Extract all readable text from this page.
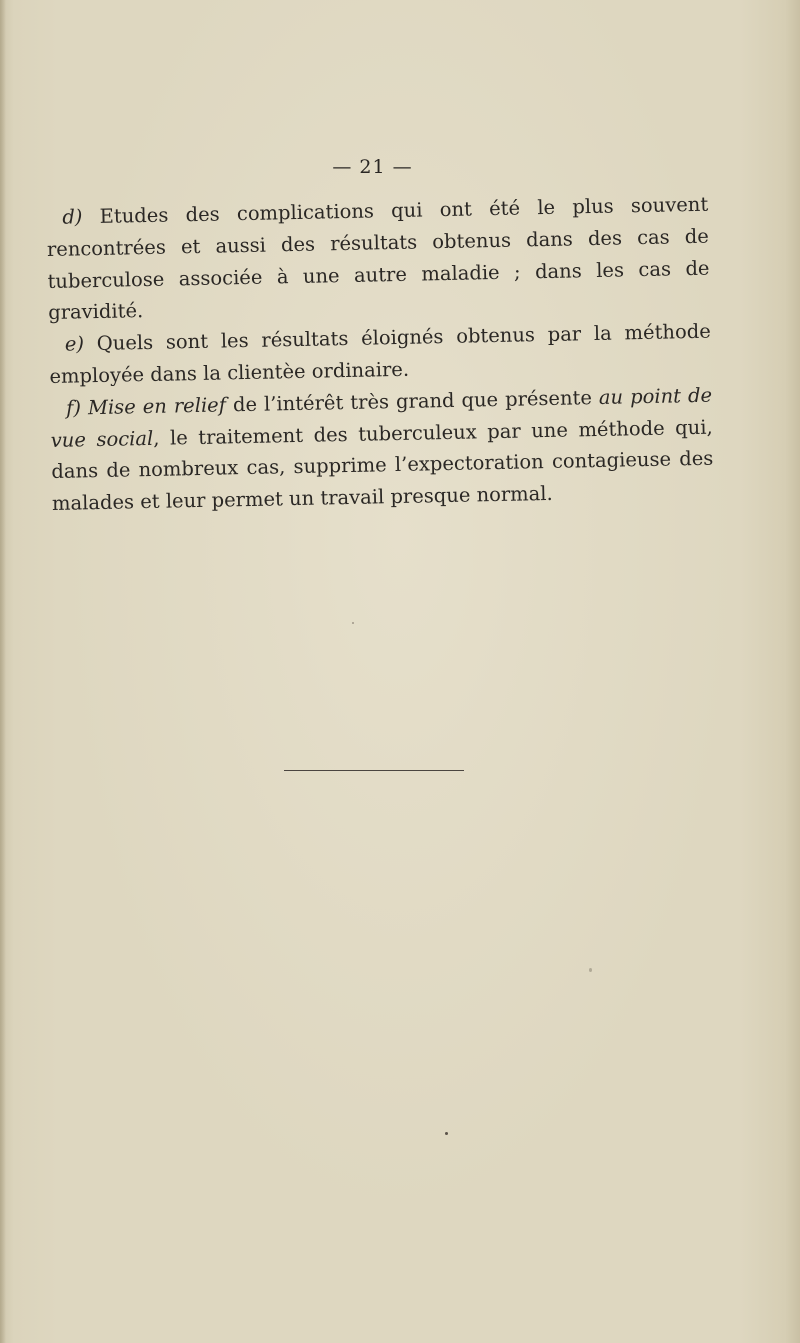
— 21 —

d) Etudes des complications qui ont été le plus souvent rencontrées et aussi des résultats obtenus dans des cas de tuberculose associée à une autre maladie ; dans les cas de gravidité.

e) Quels sont les résultats éloignés obtenus par la méthode employée dans la clientèe ordinaire.

f) Mise en relief de l’intérêt très grand que présente au point de vue social, le traitement des tuberculeux par une méthode qui, dans de nombreux cas, supprime l’expectoration contagieuse des malades et leur permet un travail presque normal.
